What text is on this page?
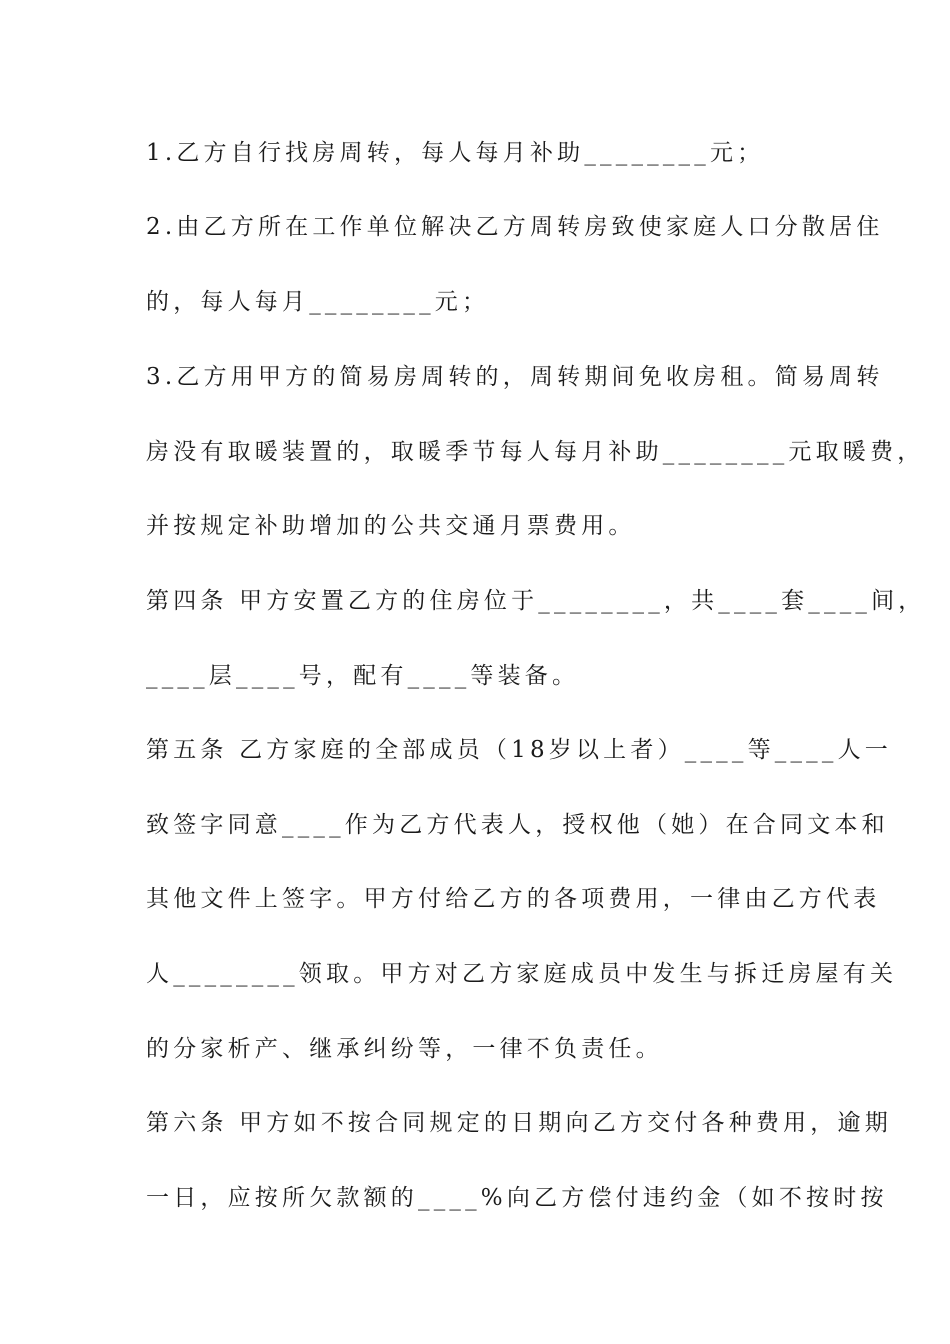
1.乙方自行找房周转，每人每月补助________元；
2.由乙方所在工作单位解决乙方周转房致使家庭人口分散居住
的，每人每月________元；
3.乙方用甲方的简易房周转的，周转期间免收房租。简易周转
房没有取暖装置的，取暖季节每人每月补助________元取暖费，
并按规定补助增加的公共交通月票费用。
第四条 甲方安置乙方的住房位于________，共____套____间，
____层____号，配有____等装备。
第五条 乙方家庭的全部成员（18岁以上者）____等____人一
致签字同意____作为乙方代表人，授权他（她）在合同文本和
其他文件上签字。甲方付给乙方的各项费用，一律由乙方代表
人________领取。甲方对乙方家庭成员中发生与拆迁房屋有关
的分家析产、继承纠纷等，一律不负责任。
第六条 甲方如不按合同规定的日期向乙方交付各种费用，逾期
一日，应按所欠款额的____%向乙方偿付违约金（如不按时按
